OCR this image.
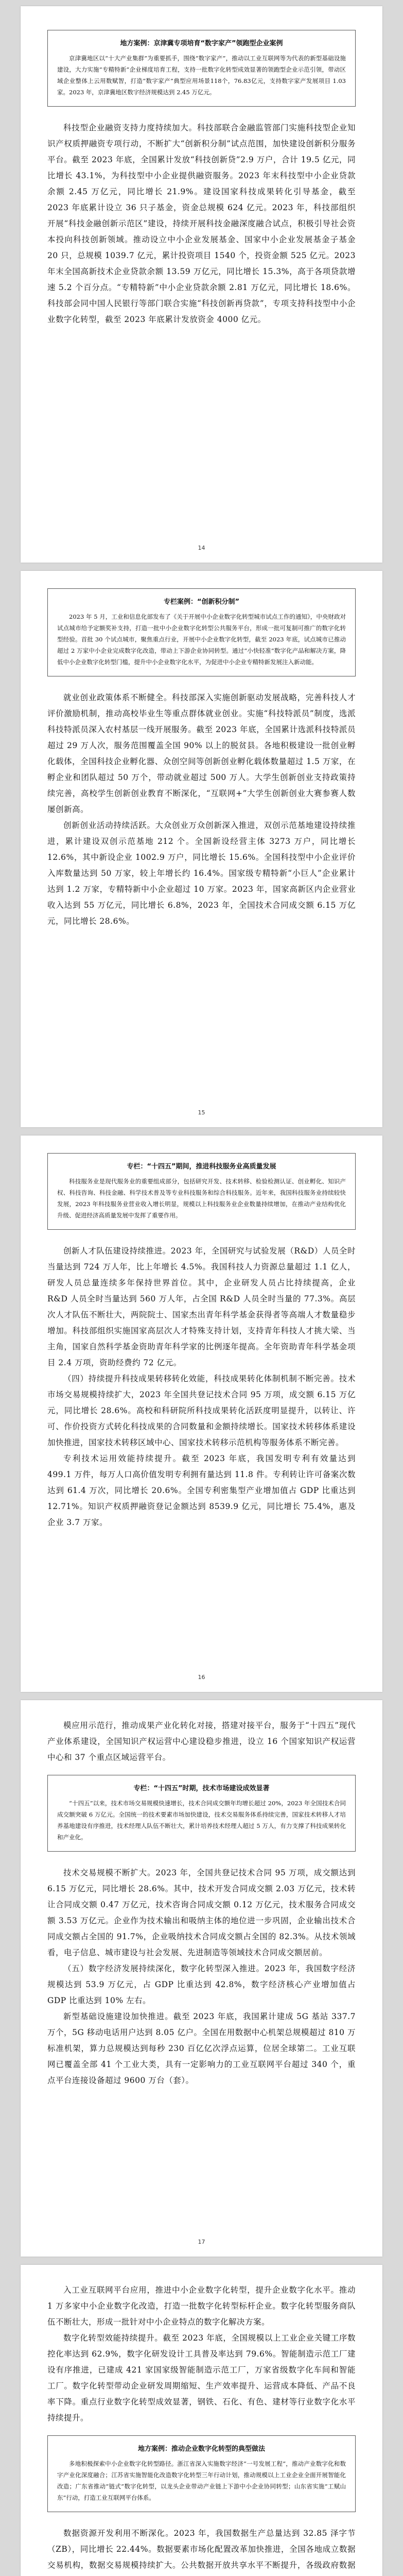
地方案例：京津冀专项培育“数字家产”领跑型企业案例

京津冀地区以“十大产业集群”为重要抓手，围绕“数字家产”，推动以工业互联网等为代表的新型基础设施建设，大力实施“专精特新”企业梯度培育工程，支持一批数字化转型成效显著的领跑型企业示范引领，带动区域企业整体上云用数赋智，打造“数字家产”典型应用场景118个，76.83亿元，支持数字家产发展项目 1.03 家。2023 年，京津冀地区数字经济规模达到 2.45 万亿元。

科技型企业融资支持力度持续加大。科技部联合金融监管部门实施科技型企业知识产权质押融资专项行动，不断扩大“创新积分制”试点范围，加快建设创新积分服务平台。截至 2023 年底，全国累计发放“科技创新贷”2.9 万户，合计 19.5 亿元，同比增长 43.1%，为科技型中小企业提供融资服务。2023 年末科技型中小企业贷款余额 2.45 万亿元，同比增长 21.9%。建设国家科技成果转化引导基金，截至 2023 年底累计设立 36 只子基金，资金总规模 624 亿元。2023 年，科技部组织开展“科技金融创新示范区”建设，持续开展科技金融深度融合试点，积极引导社会资本投向科技创新领域。推动设立中小企业发展基金、国家中小企业发展基金子基金 20 只，总规模 1039.7 亿元，累计投资项目 1540 个，投资金额 525 亿元。2023 年末全国高新技术企业贷款余额 13.59 万亿元，同比增长 15.3%，高于各项贷款增速 5.2 个百分点。“专精特新”中小企业贷款余额 2.81 万亿元，同比增长 18.6%。科技部会同中国人民银行等部门联合实施“科技创新再贷款”，专项支持科技型中小企业数字化转型，截至 2023 年底累计发放资金 4000 亿元。

14
专栏案例：“创新积分制”

2023 年 5 月，工业和信息化部发布了《关于开展中小企业数字化转型城市试点工作的通知》，中央财政对试点城市给予定额奖补支持，打造一批中小企业数字化转型公共服务平台，形成一批可复制可推广的数字化转型经验。首批 30 个试点城市，聚焦重点行业，开展中小企业数字化转型，截至 2023 年底，试点城市已推动超过 2 万家中小企业完成数字化改造，带动上下游企业协同转型。通过“小快轻准”数字化产品和解决方案，降低中小企业数字化转型门槛，提升中小企业数字化水平，为促进中小企业专精特新发展注入新动能。

就业创业政策体系不断健全。科技部深入实施创新驱动发展战略，完善科技人才评价激励机制，推动高校毕业生等重点群体就业创业。实施“科技特派员”制度，选派科技特派员深入农村基层一线开展服务。截至 2023 年底，全国累计选派科技特派员超过 29 万人次，服务范围覆盖全国 90% 以上的脱贫县。各地积极建设一批创业孵化载体，全国科技企业孵化器、众创空间等创新创业孵化载体数量超过 1.5 万家，在孵企业和团队超过 50 万个，带动就业超过 500 万人。大学生创新创业支持政策持续完善，高校学生创新创业教育不断深化，“互联网+”大学生创新创业大赛参赛人数屡创新高。

创新创业活动持续活跃。大众创业万众创新深入推进，双创示范基地建设持续推进，累计建设双创示范基地 212 个。全国新设经营主体 3273 万户，同比增长 12.6%，其中新设企业 1002.9 万户，同比增长 15.6%。全国科技型中小企业评价入库数量达到 50 万家，较上年增长约 16.4%。国家级专精特新“小巨人”企业累计达到 1.2 万家，专精特新中小企业超过 10 万家。2023 年，国家高新区内企业营业收入达到 55 万亿元，同比增长 6.8%，2023 年，全国技术合同成交额 6.15 万亿元，同比增长 28.6%。

15
专栏：“十四五”期间，推进科技服务业高质量发展

科技服务业是现代服务业的重要组成部分，包括研究开发、技术转移、检验检测认证、创业孵化、知识产权、科技咨询、科技金融、科学技术普及等专业科技服务和综合科技服务。近年来，我国科技服务业持续较快发展，2023 年科技服务业营业收入增长明显，规模以上科技服务业企业数量持续增加，在推动产业结构优化升级、促进经济高质量发展中发挥了重要作用。

创新人才队伍建设持续推进。2023 年，全国研究与试验发展（R&D）人员全时当量达到 724 万人年，比上年增长 4.5%。我国科技人力资源总量超过 1.1 亿人，研发人员总量连续多年保持世界首位。其中，企业研发人员占比持续提高，企业 R&D 人员全时当量达到 560 万人年，占全国 R&D 人员全时当量的 77.3%。高层次人才队伍不断壮大，两院院士、国家杰出青年科学基金获得者等高端人才数量稳步增加。科技部组织实施国家高层次人才特殊支持计划，支持青年科技人才挑大梁、当主角，国家自然科学基金资助青年科学家的比例逐年提高。全年资助青年科学基金项目 2.4 万项，资助经费约 72 亿元。

（四）持续提升科技成果转移转化效能，科技成果转化体制机制不断完善。技术市场交易规模持续扩大，2023 年全国共登记技术合同 95 万项，成交额 6.15 万亿元，同比增长 28.6%。高校和科研院所科技成果转化活跃度明显提升，以转让、许可、作价投资方式转化科技成果的合同数量和金额持续增长。国家技术转移体系建设加快推进，国家技术转移区域中心、国家技术转移示范机构等服务体系不断完善。

专利技术运用效能持续提升。截至 2023 年底，我国发明专利有效量达到 499.1 万件，每万人口高价值发明专利拥有量达到 11.8 件。专利转让许可备案次数达到 61.4 万次，同比增长 20.6%。全国专利密集型产业增加值占 GDP 比重达到 12.71%。知识产权质押融资登记金额达到 8539.9 亿元，同比增长 75.4%，惠及企业 3.7 万家。

16

模应用示范行，推动成果产业化转化对接，搭建对接平台，服务于“十四五”现代产业体系建设，全国知识产权运营中心建设稳步推进，设立 16 个国家知识产权运营中心和 37 个重点区域运营平台。

专栏：“十四五”时期，技术市场建设成效显著

“十四五”以来，技术市场交易规模快速增长，技术合同成交额年均增长超过 20%，2023 年全国技术合同成交额突破 6 万亿元。全国统一的技术要素市场加快建设，技术交易服务体系持续完善，国家技术转移人才培养基地建设有序推进，技术经理人队伍不断壮大，累计培养技术经理人超过 5 万人，有力支撑了科技成果转化和产业化。

技术交易规模不断扩大。2023 年，全国共登记技术合同 95 万项，成交额达到 6.15 万亿元，同比增长 28.6%。其中，技术开发合同成交额 2.03 万亿元，技术转让合同成交额 0.47 万亿元，技术咨询合同成交额 0.12 万亿元，技术服务合同成交额 3.53 万亿元。企业作为技术输出和吸纳主体的地位进一步巩固，企业输出技术合同成交额占全国的 91.7%，企业吸纳技术合同成交额占全国的 82.3%。从技术领域看，电子信息、城市建设与社会发展、先进制造等领域技术合同成交额居前。

（五）数字经济发展持续深化，数字化转型深入推进。2023 年，我国数字经济规模达到 53.9 万亿元，占 GDP 比重达到 42.8%，数字经济核心产业增加值占 GDP 比重达到 10% 左右。

新型基础设施建设加快推进。截至 2023 年底，我国累计建成 5G 基站 337.7 万个，5G 移动电话用户达到 8.05 亿户。全国在用数据中心机架总规模超过 810 万标准机架，算力总规模达到每秒 230 百亿亿次浮点运算，位居全球第二。工业互联网已覆盖全部 41 个工业大类，具有一定影响力的工业互联网平台超过 340 个，重点平台连接设备超过 9600 万台（套）。

17

入工业互联网平台应用，推进中小企业数字化转型，提升企业数字化水平。推动 1 万多家中小企业数字化改造，打造一批数字化转型标杆企业。数字化转型服务商队伍不断壮大，形成一批针对中小企业特点的数字化解决方案。

数字化转型效能持续提升。截至 2023 年底，全国规模以上工业企业关键工序数控化率达到 62.9%，数字化研发设计工具普及率达到 79.6%。智能制造示范工厂建设有序推进，已建成 421 家国家级智能制造示范工厂，万家省级数字化车间和智能工厂。数字化转型带动企业研发周期缩短、生产效率提升、运营成本降低、产品不良率下降。重点行业数字化转型成效显著，钢铁、石化、有色、建材等行业数字化水平持续提升。

地方案例：推动企业数字化转型的典型做法

多地积极探索中小企业数字化转型路径。浙江省深入实施数字经济“一号发展工程”，推动产业数字化和数字产业化深度融合；江苏省实施智能化改造数字化转型三年行动计划，推动规模以上工业企业全面开展智能化改造；广东省推动“链式”数字化转型，以龙头企业带动产业链上下游中小企业协同转型；山东省实施“工赋山东”行动，打造工业互联网平台体系。

数据资源开发利用不断深化。2023 年，我国数据生产总量达到 32.85 泽字节（ZB），同比增长 22.44%。数据要素市场化配置改革加快推进，全国各地成立数据交易机构，数据交易规模持续扩大。公共数据开放共享水平不断提升，各级政府数据
